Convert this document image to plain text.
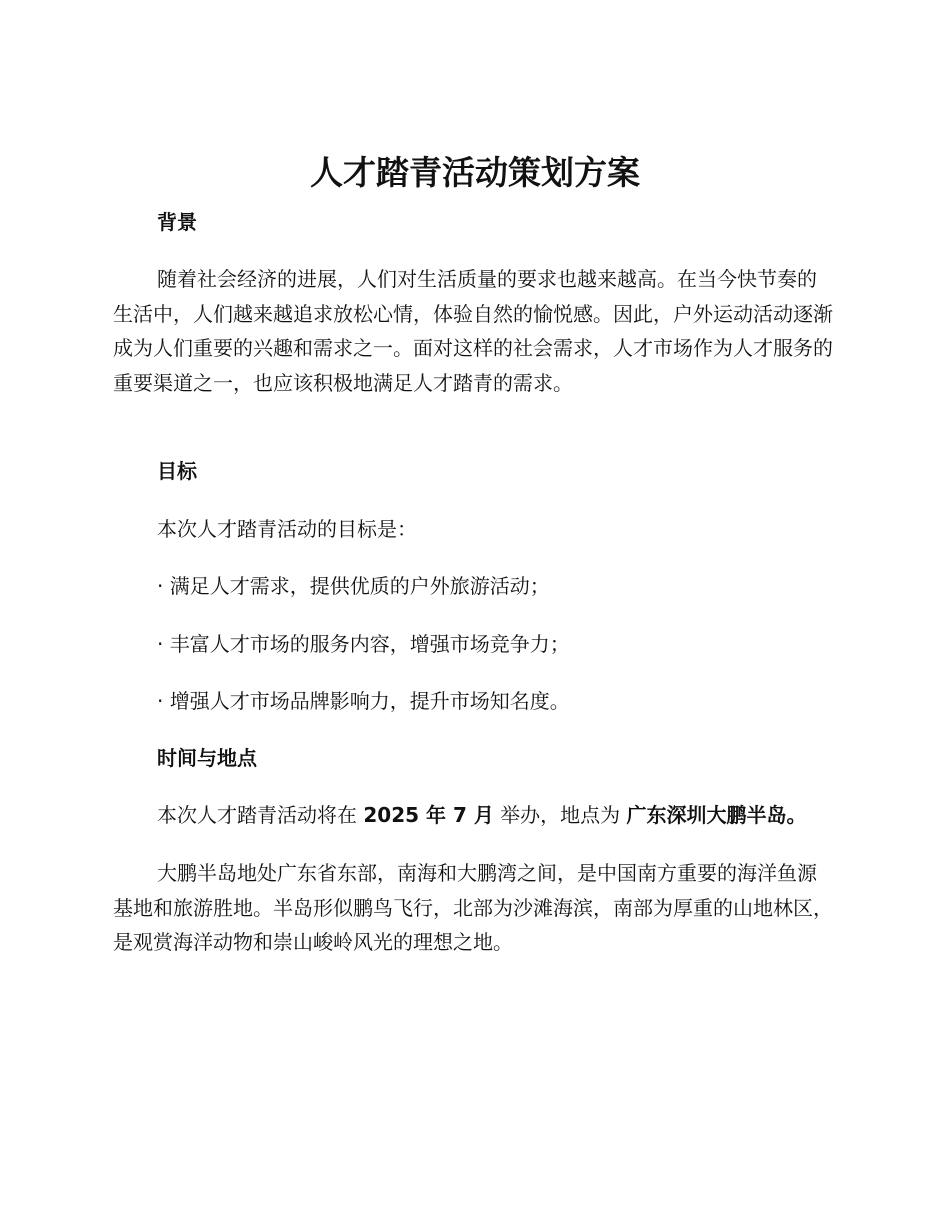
人才踏青活动策划方案
背景

随着社会经济的进展，人们对生活质量的要求也越来越高。在当今快节奏的生活中，人们越来越追求放松心情，体验自然的愉悦感。因此，户外运动活动逐渐成为人们重要的兴趣和需求之一。面对这样的社会需求，人才市场作为人才服务的重要渠道之一，也应该积极地满足人才踏青的需求。

目标

本次人才踏青活动的目标是：

· 满足人才需求，提供优质的户外旅游活动；

· 丰富人才市场的服务内容，增强市场竞争力；

· 增强人才市场品牌影响力，提升市场知名度。

时间与地点

本次人才踏青活动将在 2025 年 7 月 举办，地点为 广东深圳大鹏半岛。

大鹏半岛地处广东省东部，南海和大鹏湾之间，是中国南方重要的海洋鱼源基地和旅游胜地。半岛形似鹏鸟飞行，北部为沙滩海滨，南部为厚重的山地林区，是观赏海洋动物和崇山峻岭风光的理想之地。
